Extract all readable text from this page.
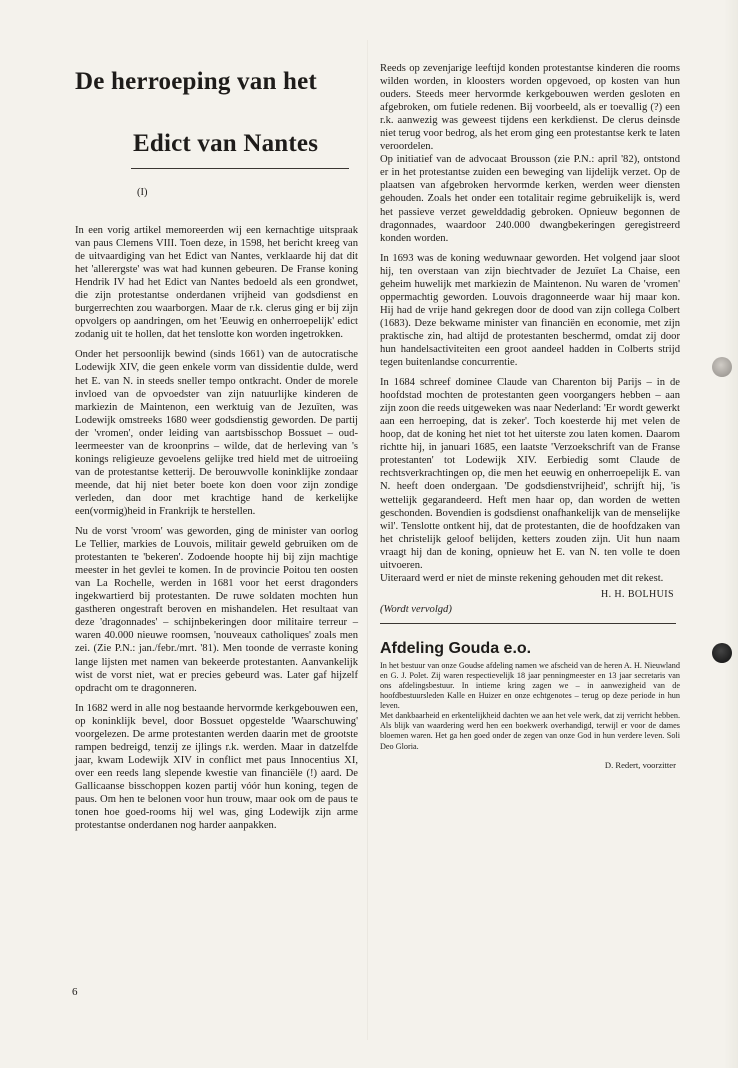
De herroeping van het
Edict van Nantes
(I)

In een vorig artikel memoreerden wij een kernachtige uitspraak van paus Clemens VIII. Toen deze, in 1598, het bericht kreeg van de uitvaardiging van het Edict van Nantes, verklaarde hij dat dit het 'allerergste' was wat had kunnen gebeuren. De Franse koning Hendrik IV had het Edict van Nantes bedoeld als een grondwet, die zijn protestantse onderdanen vrijheid van godsdienst en burgerrechten zou waarborgen. Maar de r.k. clerus ging er bij zijn opvolgers op aandringen, om het 'Eeuwig en onherroepelijk' edict zodanig uit te hollen, dat het tenslotte kon worden ingetrokken.

Onder het persoonlijk bewind (sinds 1661) van de autocratische Lodewijk XIV, die geen enkele vorm van dissidentie dulde, werd het E. van N. in steeds sneller tempo ontkracht. Onder de morele invloed van de opvoedster van zijn natuurlijke kinderen de markiezin de Maintenon, een werktuig van de Jezuïten, was Lodewijk omstreeks 1680 weer godsdienstig geworden. De partij der 'vromen', onder leiding van aartsbisschop Bossuet – oud-leermeester van de kroonprins – wilde, dat de herleving van 's konings religieuze gevoelens gelijke tred hield met de uitroeiing van de protestantse ketterij. De berouwvolle koninklijke zondaar meende, dat hij niet beter boete kon doen voor zijn zondige verleden, dan door met krachtige hand de kerkelijke een(vormig)heid in Frankrijk te herstellen.

Nu de vorst 'vroom' was geworden, ging de minister van oorlog Le Tellier, markies de Louvois, militair geweld gebruiken om de protestanten te 'bekeren'. Zodoende hoopte hij bij zijn machtige meester in het gevlei te komen. In de provincie Poitou ten oosten van La Rochelle, werden in 1681 voor het eerst dragonders ingekwartierd bij protestanten. De ruwe soldaten mochten hun gastheren ongestraft beroven en mishandelen. Het resultaat van deze 'dragonnades' – schijnbekeringen door militaire terreur – waren 40.000 nieuwe roomsen, 'nouveaux catholiques' zoals men zei. (Zie P.N.: jan./febr./mrt. '81). Men toonde de verraste koning lange lijsten met namen van bekeerde protestanten. Aanvankelijk wist de vorst niet, wat er precies gebeurd was. Later gaf hijzelf opdracht om te dragonneren.

In 1682 werd in alle nog bestaande hervormde kerkgebouwen een, op koninklijk bevel, door Bossuet opgestelde 'Waarschuwing' voorgelezen. De arme protestanten werden daarin met de grootste rampen bedreigd, tenzij ze ijlings r.k. werden. Maar in datzelfde jaar, kwam Lodewijk XIV in conflict met paus Innocentius XI, over een reeds lang slepende kwestie van financiële (!) aard. De Gallicaanse bisschoppen kozen partij vóór hun koning, tegen de paus. Om hen te belonen voor hun trouw, maar ook om de paus te tonen hoe goed-rooms hij wel was, ging Lodewijk zijn arme protestantse onderdanen nog harder aanpakken.

Reeds op zevenjarige leeftijd konden protestantse kinderen die rooms wilden worden, in kloosters worden opgevoed, op kosten van hun ouders. Steeds meer hervormde kerkgebouwen werden gesloten en afgebroken, om futiele redenen. Bij voorbeeld, als er toevallig (?) een r.k. aanwezig was geweest tijdens een kerkdienst. De clerus deinsde niet terug voor bedrog, als het erom ging een protestantse kerk te laten veroordelen.

Op initiatief van de advocaat Brousson (zie P.N.: april '82), ontstond er in het protestantse zuiden een beweging van lijdelijk verzet. Op de plaatsen van afgebroken hervormde kerken, werden weer diensten gehouden. Zoals het onder een totalitair regime gebruikelijk is, werd het passieve verzet gewelddadig gebroken. Opnieuw begonnen de dragonnades, waardoor 240.000 dwangbekeringen geregistreerd konden worden.

In 1693 was de koning weduwnaar geworden. Het volgend jaar sloot hij, ten overstaan van zijn biechtvader de Jezuïet La Chaise, een geheim huwelijk met markiezin de Maintenon. Nu waren de 'vromen' oppermachtig geworden. Louvois dragonneerde waar hij maar kon. Hij had de vrije hand gekregen door de dood van zijn collega Colbert (1683). Deze bekwame minister van financiën en economie, met zijn praktische zin, had altijd de protestanten beschermd, omdat zij door hun handelsactiviteiten een groot aandeel hadden in Colberts strijd tegen buitenlandse concurrentie.

In 1684 schreef dominee Claude van Charenton bij Parijs – in de hoofdstad mochten de protestanten geen voorgangers hebben – aan zijn zoon die reeds uitgeweken was naar Nederland: 'Er wordt gewerkt aan een herroeping, dat is zeker'. Toch koesterde hij met velen de hoop, dat de koning het niet tot het uiterste zou laten komen. Daarom richtte hij, in januari 1685, een laatste 'Verzoekschrift van de Franse protestanten' tot Lodewijk XIV. Eerbiedig somt Claude de rechtsverkrachtingen op, die men het eeuwig en onherroepelijk E. van N. heeft doen ondergaan. 'De godsdienstvrijheid', schrijft hij, 'is wettelijk gegarandeerd. Heft men haar op, dan worden de wetten geschonden. Bovendien is godsdienst onafhankelijk van de menselijke wil'. Tenslotte ontkent hij, dat de protestanten, die de hoofdzaken van het christelijk geloof belijden, ketters zouden zijn. Uit hun naam vraagt hij dan de koning, opnieuw het E. van N. ten volle te doen uitvoeren.

Uiteraard werd er niet de minste rekening gehouden met dit rekest.

H. H. BOLHUIS
(Wordt vervolgd)
Afdeling Gouda e.o.

In het bestuur van onze Goudse afdeling namen we afscheid van de heren A. H. Nieuwland en G. J. Polet. Zij waren respectievelijk 18 jaar penningmeester en 13 jaar secretaris van ons afdelingsbestuur. In intieme kring zagen we – in aanwezigheid van de hoofdbestuursleden Kalle en Huizer en onze echtgenotes – terug op deze periode in hun leven.

Met dankbaarheid en erkentelijkheid dachten we aan het vele werk, dat zij verricht hebben. Als blijk van waardering werd hen een boekwerk overhandigd, terwijl er voor de dames bloemen waren. Het ga hen goed onder de zegen van onze God in hun verdere leven. Soli Deo Gloria.

D. Redert, voorzitter
6
